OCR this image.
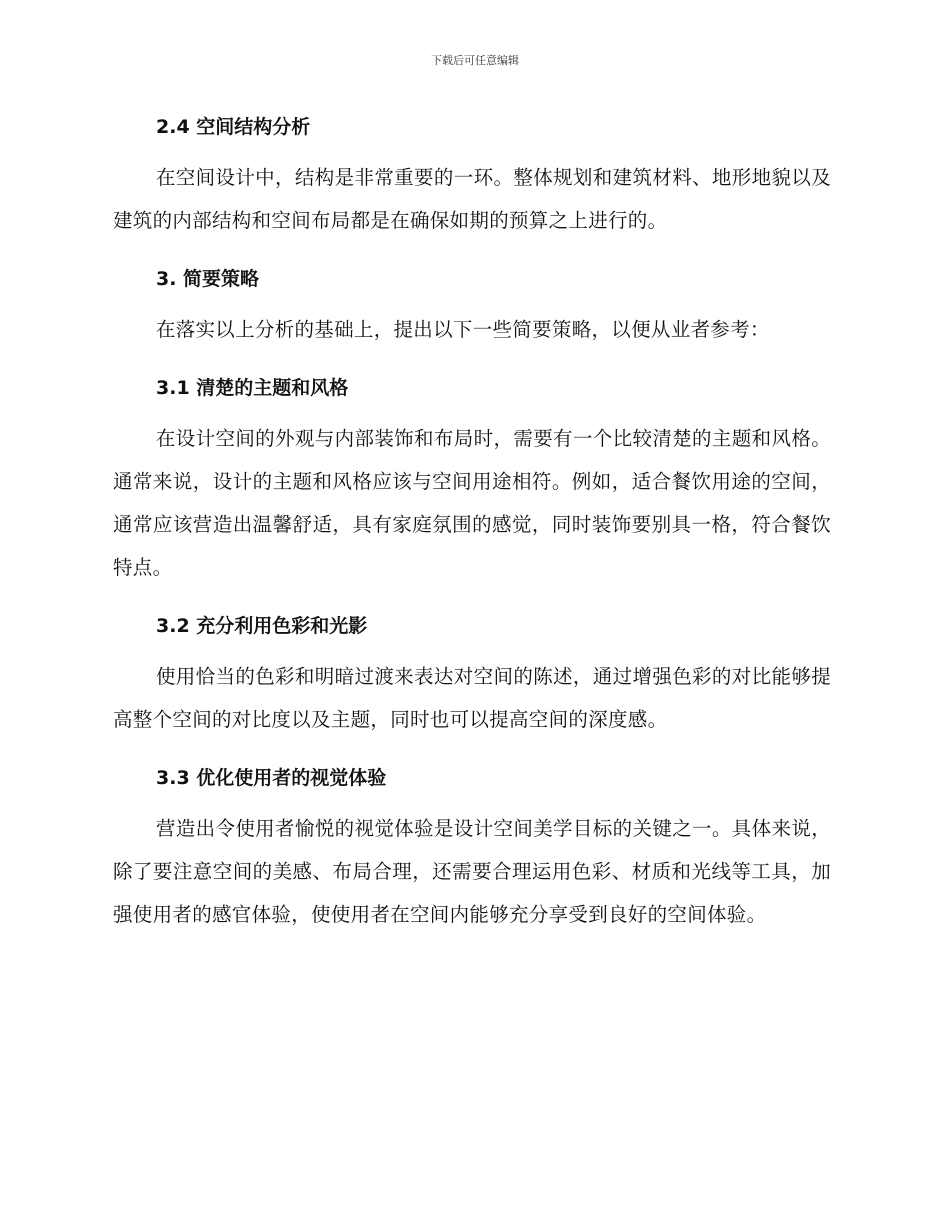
下载后可任意编辑
2.4 空间结构分析

在空间设计中，结构是非常重要的一环。整体规划和建筑材料、地形地貌以及建筑的内部结构和空间布局都是在确保如期的预算之上进行的。

3. 简要策略

在落实以上分析的基础上，提出以下一些简要策略，以便从业者参考：

3.1 清楚的主题和风格

在设计空间的外观与内部装饰和布局时，需要有一个比较清楚的主题和风格。通常来说，设计的主题和风格应该与空间用途相符。例如，适合餐饮用途的空间，通常应该营造出温馨舒适，具有家庭氛围的感觉，同时装饰要别具一格，符合餐饮特点。

3.2 充分利用色彩和光影

使用恰当的色彩和明暗过渡来表达对空间的陈述，通过增强色彩的对比能够提高整个空间的对比度以及主题，同时也可以提高空间的深度感。

3.3 优化使用者的视觉体验

营造出令使用者愉悦的视觉体验是设计空间美学目标的关键之一。具体来说，除了要注意空间的美感、布局合理，还需要合理运用色彩、材质和光线等工具，加强使用者的感官体验，使使用者在空间内能够充分享受到良好的空间体验。
